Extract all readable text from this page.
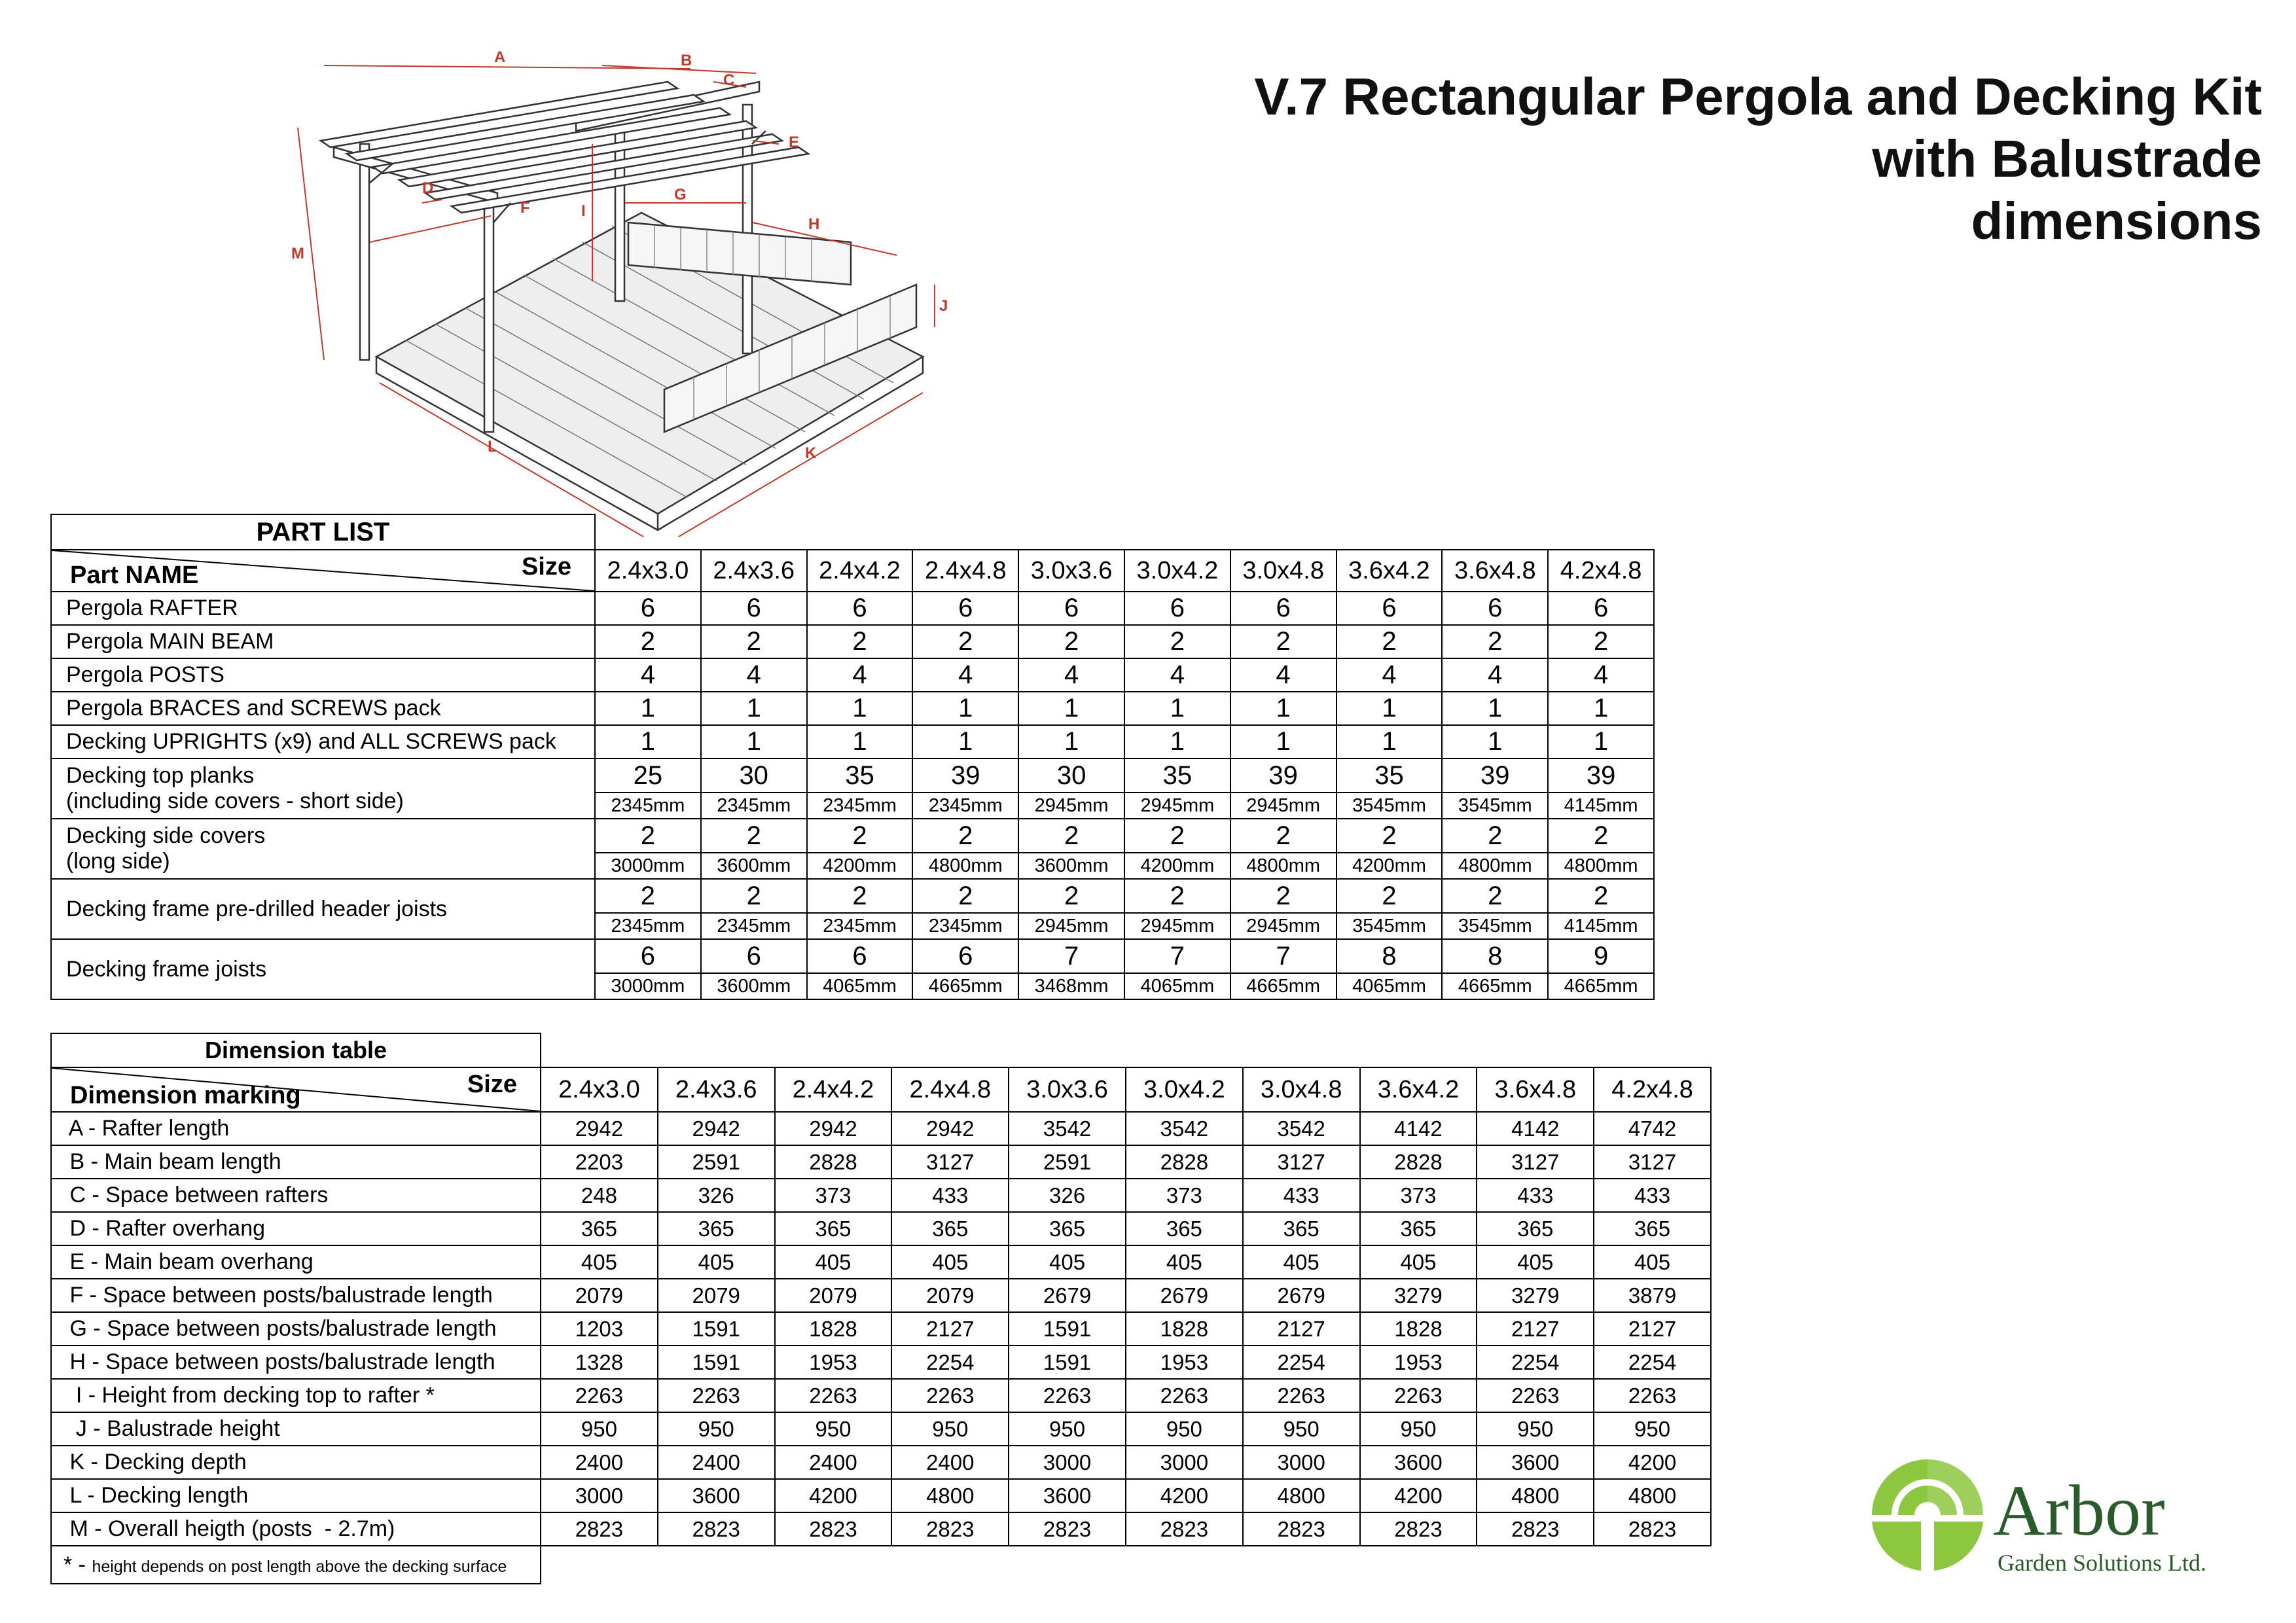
V.7 Rectangular Pergola and Decking Kit
with Balustrade
dimensions
A	B
C
D
E
F
G
H
I
J
K
L
M
PART LIST										

Size
Part NAME	2.4x3.0	2.4x3.6	2.4x4.2	2.4x4.8	3.0x3.6	3.0x4.2	3.0x4.8	3.6x4.2	3.6x4.8	4.2x4.8
Pergola RAFTER	6	6	6	6	6	6	6	6	6	6
Pergola MAIN BEAM	2	2	2	2	2	2	2	2	2	2
Pergola POSTS	4	4	4	4	4	4	4	4	4	4
Pergola BRACES and SCREWS pack	1	1	1	1	1	1	1	1	1	1
Decking UPRIGHTS (x9) and ALL SCREWS pack	1	1	1	1	1	1	1	1	1	1

Decking top planks
(including side covers - short side)	25	30	35	39	30	35	39	35	39	39
	2345mm	2345mm	2345mm	2345mm	2945mm	2945mm	2945mm	3545mm	3545mm	4145mm

Decking side covers
(long side)	2	2	2	2	2	2	2	2	2	2
	3000mm	3600mm	4200mm	4800mm	3600mm	4200mm	4800mm	4200mm	4800mm	4800mm

Decking frame pre-drilled header joists	2	2	2	2	2	2	2	2	2	2
	2345mm	2345mm	2345mm	2345mm	2945mm	2945mm	2945mm	3545mm	3545mm	4145mm

Decking frame joists	6	6	6	6	7	7	7	8	8	9
	3000mm	3600mm	4065mm	4665mm	3468mm	4065mm	4665mm	4065mm	4665mm	4665mm
Dimension table										

Size
Dimension marking	2.4x3.0	2.4x3.6	2.4x4.2	2.4x4.8	3.0x3.6	3.0x4.2	3.0x4.8	3.6x4.2	3.6x4.8	4.2x4.8
A - Rafter length	2942	2942	2942	2942	3542	3542	3542	4142	4142	4742
B - Main beam length	2203	2591	2828	3127	2591	2828	3127	2828	3127	3127
C - Space between rafters	248	326	373	433	326	373	433	373	433	433
D - Rafter overhang	365	365	365	365	365	365	365	365	365	365
E - Main beam overhang	405	405	405	405	405	405	405	405	405	405
F - Space between posts/balustrade length	2079	2079	2079	2079	2679	2679	2679	3279	3279	3879
G - Space between posts/balustrade length	1203	1591	1828	2127	1591	1828	2127	1828	2127	2127
H - Space between posts/balustrade length	1328	1591	1953	2254	1591	1953	2254	1953	2254	2254
I - Height from decking top to rafter *	2263	2263	2263	2263	2263	2263	2263	2263	2263	2263
J - Balustrade height	950	950	950	950	950	950	950	950	950	950
K - Decking depth	2400	2400	2400	2400	3000	3000	3000	3600	3600	4200
L - Decking length	3000	3600	4200	4800	3600	4200	4800	4200	4800	4800
M - Overall heigth (posts  - 2.7m)	2823	2823	2823	2823	2823	2823	2823	2823	2823	2823
* - height depends on post length above the decking surface										
Arbor
Garden Solutions Ltd.
